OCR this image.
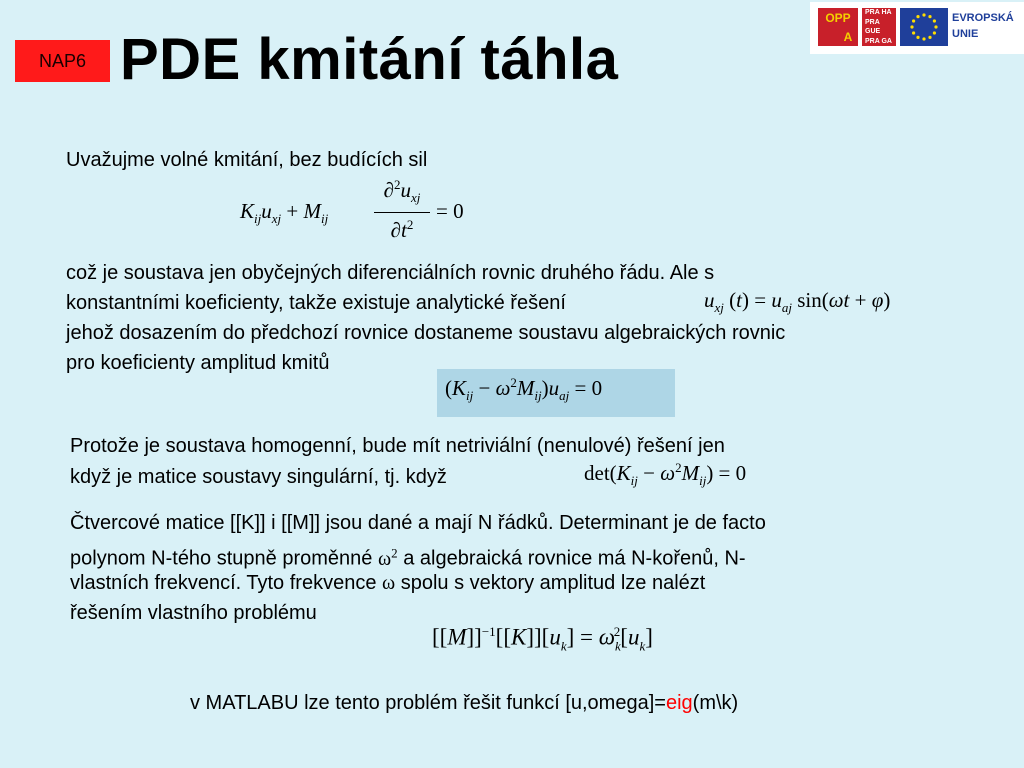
NAP6 PDE kmitání táhla
OPP
A
PRA HA
PRA GUE
PRA GA
PRA G
EVROPSKÁ
UNIE
Uvažujme volné kmitání, bez budících sil
$K_{ij}u_{xj} + M_{ij}$
$\partial^2u_{xj}$
$\partial t^2$
= 0
což je soustava jen obyčejných diferenciálních rovnic druhého řádu. Ale s
konstantními koeficienty, takže existuje analytické řešení	$u_{xj}$ $(t) = u_{aj}$ sin(ωt + φ)
jehož dosazením do předchozí rovnice dostaneme soustavu algebraických rovnic
pro koeficienty amplitud kmitů
$(K_{ij} - \omega^2M_{ij})u_{aj} = 0$
Protože je soustava homogenní, bude mít netriviální (nenulové) řešení jen
když je matice soustavy singulární, tj. když	$\det(K_{ij} - \omega^2M_{ij}) = 0$
Čtvercové matice [[K]] i [[M]] jsou dané a mají N řádků. Determinant je de facto
polynom N-tého stupně proměnné $\omega^2$ a algebraická rovnice má N-kořenů, N-
vlastních frekvencí. Tyto frekvence ω spolu s vektory amplitud lze nalézt
řešením vlastního problému
$[[M]]^{-1}[[K]][u_k] = \omega_k^2[u_k]$
v MATLABU lze tento problém řešit funkcí [u,omega]=eig(m\k)
